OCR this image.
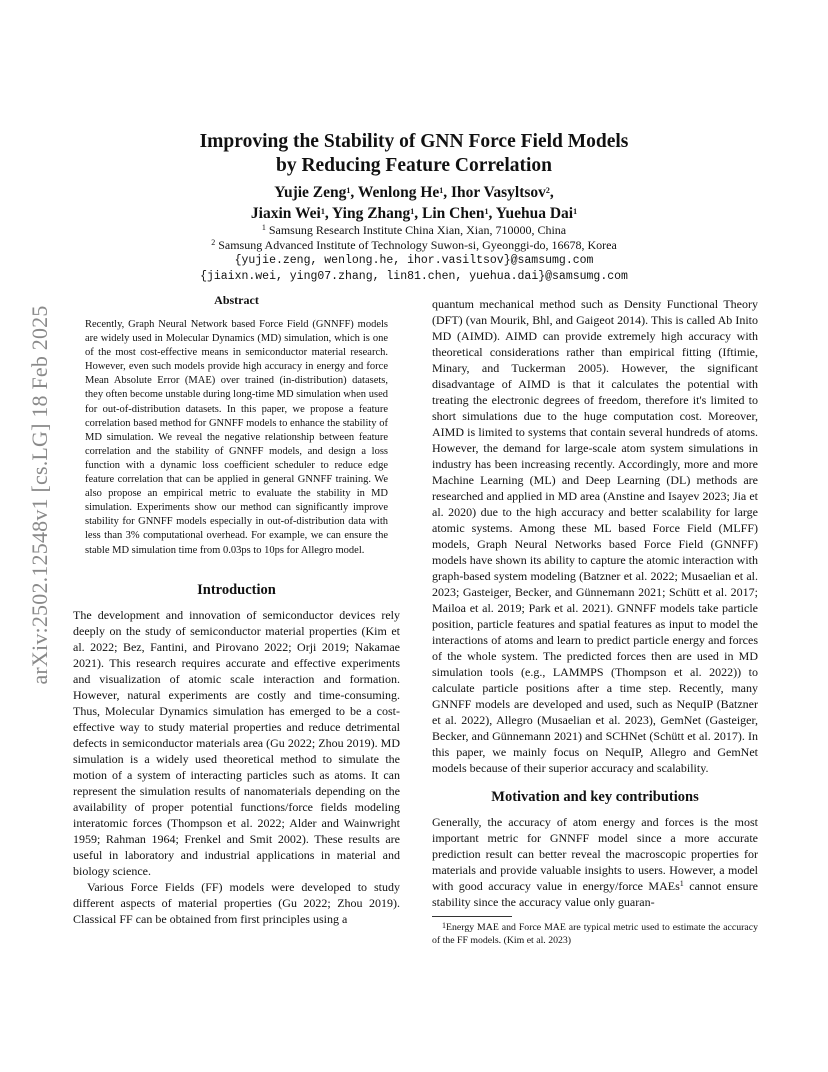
arXiv:2502.12548v1 [cs.LG] 18 Feb 2025
Improving the Stability of GNN Force Field Models
by Reducing Feature Correlation
Yujie Zeng$^1$, Wenlong He$^1$, Ihor Vasyltsov$^2$,
Jiaxin Wei$^1$, Ying Zhang$^1$, Lin Chen$^1$, Yuehua Dai$^1$
$^1$ Samsung Research Institute China Xian, Xian, 710000, China
$^2$ Samsung Advanced Institute of Technology Suwon-si, Gyeonggi-do, 16678, Korea
{yujie.zeng, wenlong.he, ihor.vasiltsov}@samsumg.com
{jiaixn.wei, ying07.zhang, lin81.chen, yuehua.dai}@samsumg.com
Abstract

Recently, Graph Neural Network based Force Field (GNNFF) models are widely used in Molecular Dynamics (MD) simulation, which is one of the most cost-effective means in semiconductor material research. However, even such models provide high accuracy in energy and force Mean Absolute Error (MAE) over trained (in-distribution) datasets, they often become unstable during long-time MD simulation when used for out-of-distribution datasets. In this paper, we propose a feature correlation based method for GNNFF models to enhance the stability of MD simulation. We reveal the negative relationship between feature correlation and the stability of GNNFF models, and design a loss function with a dynamic loss coefficient scheduler to reduce edge feature correlation that can be applied in general GNNFF training. We also propose an empirical metric to evaluate the stability in MD simulation. Experiments show our method can significantly improve stability for GNNFF models especially in out-of-distribution data with less than 3% computational overhead. For example, we can ensure the stable MD simulation time from 0.03ps to 10ps for Allegro model.

Introduction

The development and innovation of semiconductor devices rely deeply on the study of semiconductor material properties (Kim et al. 2022; Bez, Fantini, and Pirovano 2022; Orji 2019; Nakamae 2021). This research requires accurate and effective experiments and visualization of atomic scale interaction and formation. However, natural experiments are costly and time-consuming. Thus, Molecular Dynamics simulation has emerged to be a cost-effective way to study material properties and reduce detrimental defects in semiconductor materials area (Gu 2022; Zhou 2019). MD simulation is a widely used theoretical method to simulate the motion of a system of interacting particles such as atoms. It can represent the simulation results of nanomaterials depending on the availability of proper potential functions/force fields modeling interatomic forces (Thompson et al. 2022; Alder and Wainwright 1959; Rahman 1964; Frenkel and Smit 2002). These results are useful in laboratory and industrial applications in material and biology science.

Various Force Fields (FF) models were developed to study different aspects of material properties (Gu 2022; Zhou 2019). Classical FF can be obtained from first principles using a

quantum mechanical method such as Density Functional Theory (DFT) (van Mourik, Bhl, and Gaigeot 2014). This is called Ab Inito MD (AIMD). AIMD can provide extremely high accuracy with theoretical considerations rather than empirical fitting (Iftimie, Minary, and Tuckerman 2005). However, the significant disadvantage of AIMD is that it calculates the potential with treating the electronic degrees of freedom, therefore it's limited to short simulations due to the huge computation cost. Moreover, AIMD is limited to systems that contain several hundreds of atoms. However, the demand for large-scale atom system simulations in industry has been increasing recently. Accordingly, more and more Machine Learning (ML) and Deep Learning (DL) methods are researched and applied in MD area (Anstine and Isayev 2023; Jia et al. 2020) due to the high accuracy and better scalability for large atomic systems. Among these ML based Force Field (MLFF) models, Graph Neural Networks based Force Field (GNNFF) models have shown its ability to capture the atomic interaction with graph-based system modeling (Batzner et al. 2022; Musaelian et al. 2023; Gasteiger, Becker, and Günnemann 2021; Schütt et al. 2017; Mailoa et al. 2019; Park et al. 2021). GNNFF models take particle position, particle features and spatial features as input to model the interactions of atoms and learn to predict particle energy and forces of the whole system. The predicted forces then are used in MD simulation tools (e.g., LAMMPS (Thompson et al. 2022)) to calculate particle positions after a time step. Recently, many GNNFF models are developed and used, such as NequIP (Batzner et al. 2022), Allegro (Musaelian et al. 2023), GemNet (Gasteiger, Becker, and Günnemann 2021) and SCHNet (Schütt et al. 2017). In this paper, we mainly focus on NequIP, Allegro and GemNet models because of their superior accuracy and scalability.

Motivation and key contributions

Generally, the accuracy of atom energy and forces is the most important metric for GNNFF model since a more accurate prediction result can better reveal the macroscopic properties for materials and provide valuable insights to users. However, a model with good accuracy value in energy/force MAEs$^1$ cannot ensure stability since the accuracy value only guaran-

$^1$Energy MAE and Force MAE are typical metric used to estimate the accuracy of the FF models. (Kim et al. 2023)
